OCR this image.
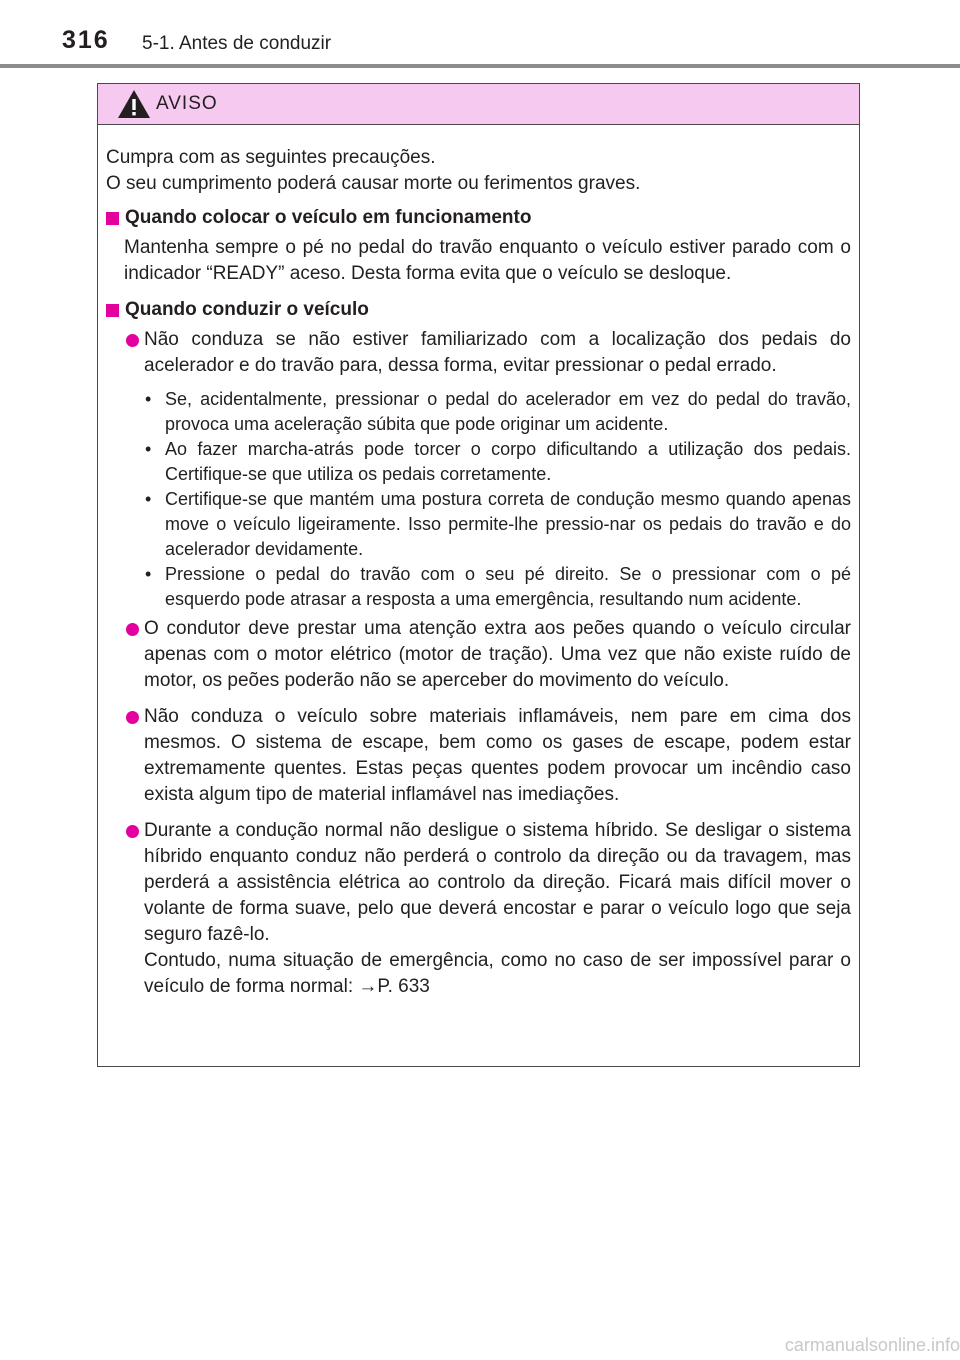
316 5-1. Antes de conduzir
AVISO

Cumpra com as seguintes precauções.

O seu cumprimento poderá causar morte ou ferimentos graves.

Quando colocar o veículo em funcionamento
Mantenha sempre o pé no pedal do travão enquanto o veículo estiver parado com o indicador “READY” aceso. Desta forma evita que o veículo se desloque.
Quando conduzir o veículo
Não conduza se não estiver familiarizado com a localização dos pedais do acelerador e do travão para, dessa forma, evitar pressionar o pedal errado.
• Se, acidentalmente, pressionar o pedal do acelerador em vez do pedal do travão, provoca uma aceleração súbita que pode originar um acidente.
• Ao fazer marcha-atrás pode torcer o corpo dificultando a utilização dos pedais. Certifique-se que utiliza os pedais corretamente.
• Certifique-se que mantém uma postura correta de condução mesmo quando apenas move o veículo ligeiramente. Isso permite-lhe pressio-nar os pedais do travão e do acelerador devidamente.
• Pressione o pedal do travão com o seu pé direito. Se o pressionar com o pé esquerdo pode atrasar a resposta a uma emergência, resultando num acidente.
O condutor deve prestar uma atenção extra aos peões quando o veículo circular apenas com o motor elétrico (motor de tração). Uma vez que não existe ruído de motor, os peões poderão não se aperceber do movimento do veículo.
Não conduza o veículo sobre materiais inflamáveis, nem pare em cima dos mesmos. O sistema de escape, bem como os gases de escape, podem estar extremamente quentes. Estas peças quentes podem provocar um incêndio caso exista algum tipo de material inflamável nas imediações.
Durante a condução normal não desligue o sistema híbrido. Se desligar o sistema híbrido enquanto conduz não perderá o controlo da direção ou da travagem, mas perderá a assistência elétrica ao controlo da direção. Ficará mais difícil mover o volante de forma suave, pelo que deverá encostar e parar o veículo logo que seja seguro fazê-lo.
Contudo, numa situação de emergência, como no caso de ser impossível parar o veículo de forma normal: →P. 633
carmanualsonline.info
